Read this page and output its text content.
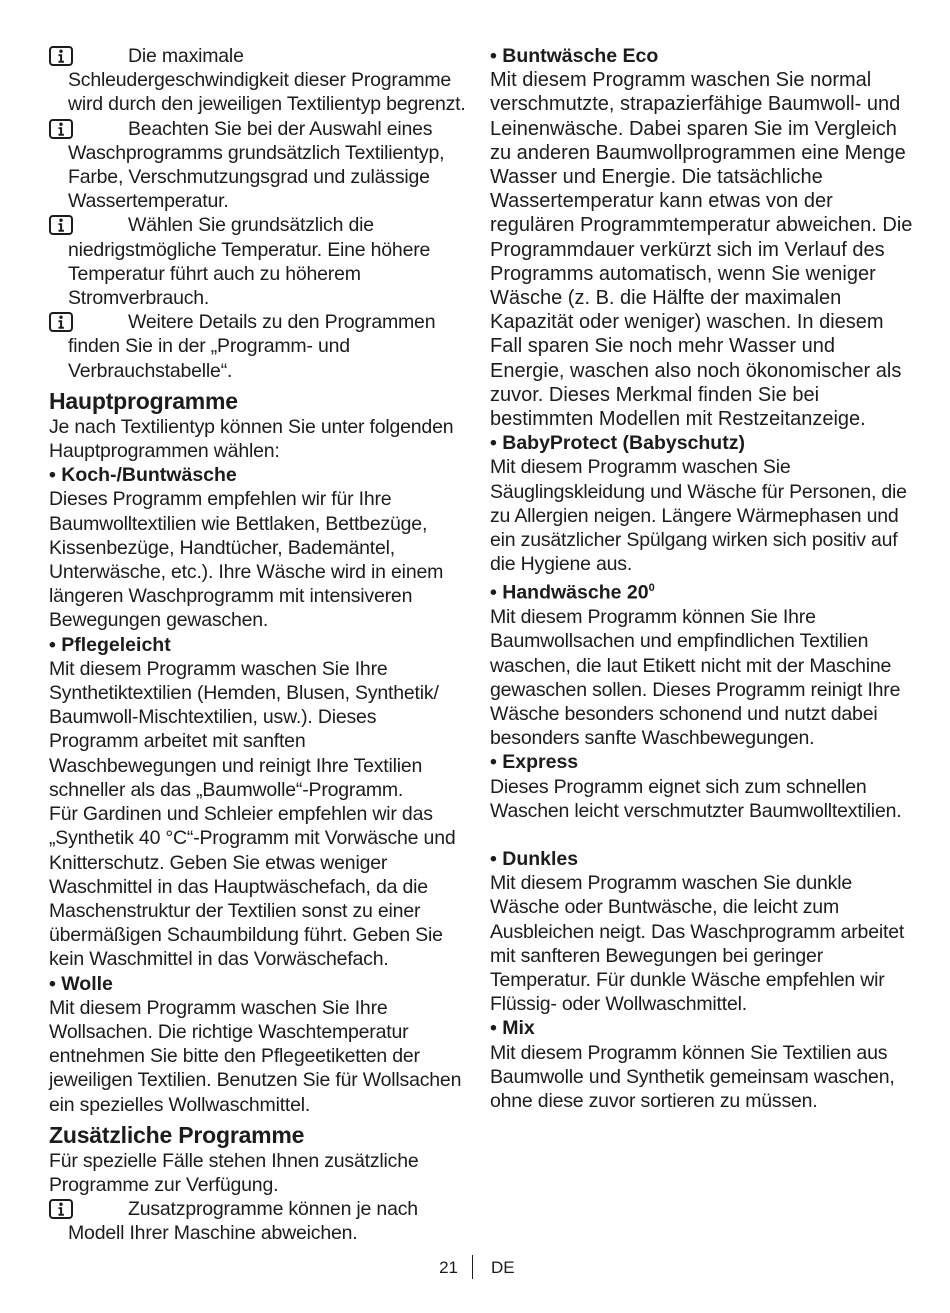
Die maximale Schleudergeschwindigkeit dieser Programme wird durch den jeweiligen Textilientyp begrenzt.
Beachten Sie bei der Auswahl eines Waschprogramms grundsätzlich Textilientyp, Farbe, Verschmutzungsgrad und zulässige Wassertemperatur.
Wählen Sie grundsätzlich die niedrigstmögliche Temperatur. Eine höhere Temperatur führt auch zu höherem Stromverbrauch.
Weitere Details zu den Programmen finden Sie in der „Programm- und Verbrauchstabelle“.
Hauptprogramme

Je nach Textilientyp können Sie unter folgenden Hauptprogrammen wählen:

• Koch-/Buntwäsche

Dieses Programm empfehlen wir für Ihre Baumwolltextilien wie Bettlaken, Bettbezüge, Kissenbezüge, Handtücher, Bademäntel, Unterwäsche, etc.). Ihre Wäsche wird in einem längeren Waschprogramm mit intensiveren Bewegungen gewaschen.

• Pflegeleicht

Mit diesem Programm waschen Sie Ihre Synthetiktextilien (Hemden, Blusen, Synthetik/ Baumwoll-Mischtextilien, usw.). Dieses Programm arbeitet mit sanften Waschbewegungen und reinigt Ihre Textilien schneller als das „Baumwolle“-Programm.

Für Gardinen und Schleier empfehlen wir das „Synthetik 40 °C“-Programm mit Vorwäsche und Knitterschutz. Geben Sie etwas weniger Waschmittel in das Hauptwäschefach, da die Maschenstruktur der Textilien sonst zu einer übermäßigen Schaumbildung führt. Geben Sie kein Waschmittel in das Vorwäschefach.

• Wolle

Mit diesem Programm waschen Sie Ihre Wollsachen. Die richtige Waschtemperatur entnehmen Sie bitte den Pflegeetiketten der jeweiligen Textilien. Benutzen Sie für Wollsachen ein spezielles Wollwaschmittel.

Zusätzliche Programme

Für spezielle Fälle stehen Ihnen zusätzliche Programme zur Verfügung.

Zusatzprogramme können je nach Modell Ihrer Maschine abweichen.
• Buntwäsche Eco

Mit diesem Programm waschen Sie normal verschmutzte, strapazierfähige Baumwoll- und Leinenwäsche. Dabei sparen Sie im Vergleich zu anderen Baumwollprogrammen eine Menge Wasser und Energie. Die tatsächliche Wassertemperatur kann etwas von der regulären Programmtemperatur abweichen. Die Programmdauer verkürzt sich im Verlauf des Programms automatisch, wenn Sie weniger Wäsche (z. B. die Hälfte der maximalen Kapazität oder weniger) waschen. In diesem Fall sparen Sie noch mehr Wasser und Energie, waschen also noch ökonomischer als zuvor. Dieses Merkmal finden Sie bei bestimmten Modellen mit Restzeitanzeige.

• BabyProtect (Babyschutz)

Mit diesem Programm waschen Sie Säuglingskleidung und Wäsche für Personen, die zu Allergien neigen. Längere Wärmephasen und ein zusätzlicher Spülgang wirken sich positiv auf die Hygiene aus.

• Handwäsche $20^0$

Mit diesem Programm können Sie Ihre Baumwollsachen und empfindlichen Textilien waschen, die laut Etikett nicht mit der Maschine gewaschen sollen. Dieses Programm reinigt Ihre Wäsche besonders schonend und nutzt dabei besonders sanfte Waschbewegungen.

• Express

Dieses Programm eignet sich zum schnellen Waschen leicht verschmutzter Baumwolltextilien.

• Dunkles

Mit diesem Programm waschen Sie dunkle Wäsche oder Buntwäsche, die leicht zum Ausbleichen neigt. Das Waschprogramm arbeitet mit sanfteren Bewegungen bei geringer Temperatur. Für dunkle Wäsche empfehlen wir Flüssig- oder Wollwaschmittel.

• Mix

Mit diesem Programm können Sie Textilien aus Baumwolle und Synthetik gemeinsam waschen, ohne diese zuvor sortieren zu müssen.

21 DE
